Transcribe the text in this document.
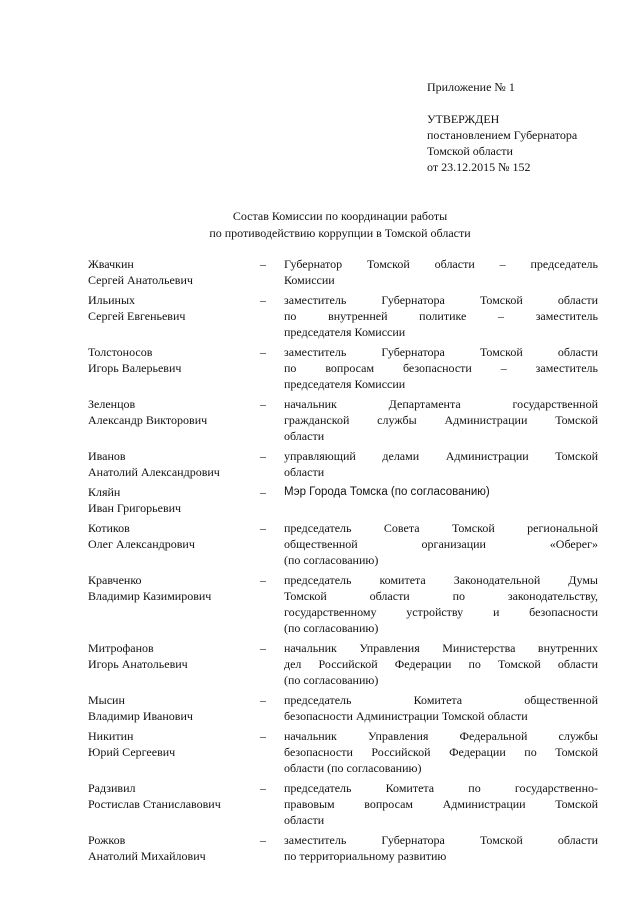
Приложение № 1
УТВЕРЖДЕН
постановлением Губернатора
Томской области
от 23.12.2015 № 152
Состав Комиссии по координации работы
по противодействию коррупции в Томской области
Жвачкин
Сергей Анатольевич
–	Губернатор Томской области – председатель
Комиссии
Ильиных
Сергей Евгеньевич
–	заместитель Губернатора Томской области
по внутренней политике – заместитель
председателя Комиссии
Толстоносов
Игорь Валерьевич
–	заместитель Губернатора Томской области
по вопросам безопасности – заместитель
председателя Комиссии
Зеленцов
Александр Викторович
–	начальник Департамента государственной
гражданской службы Администрации Томской
области
Иванов
Анатолий Александрович
–	управляющий делами Администрации Томской
области
Кляйн
Иван Григорьевич
–	Мэр Города Томска (по согласованию)
Котиков
Олег Александрович
–	председатель Совета Томской региональной
общественной организации «Оберег»
(по согласованию)
Кравченко
Владимир Казимирович
–	председатель комитета Законодательной Думы
Томской области по законодательству,
государственному устройству и безопасности
(по согласованию)
Митрофанов
Игорь Анатольевич
–	начальник Управления Министерства внутренних
дел Российской Федерации по Томской области
(по согласованию)
Мысин
Владимир Иванович
–	председатель Комитета общественной
безопасности Администрации Томской области
Никитин
Юрий Сергеевич
–	начальник Управления Федеральной службы
безопасности Российской Федерации по Томской
области (по согласованию)
Радзивил
Ростислав Станиславович
–	председатель Комитета по государственно-
правовым вопросам Администрации Томской
области
Рожков
Анатолий Михайлович
–	заместитель Губернатора Томской области
по территориальному развитию
